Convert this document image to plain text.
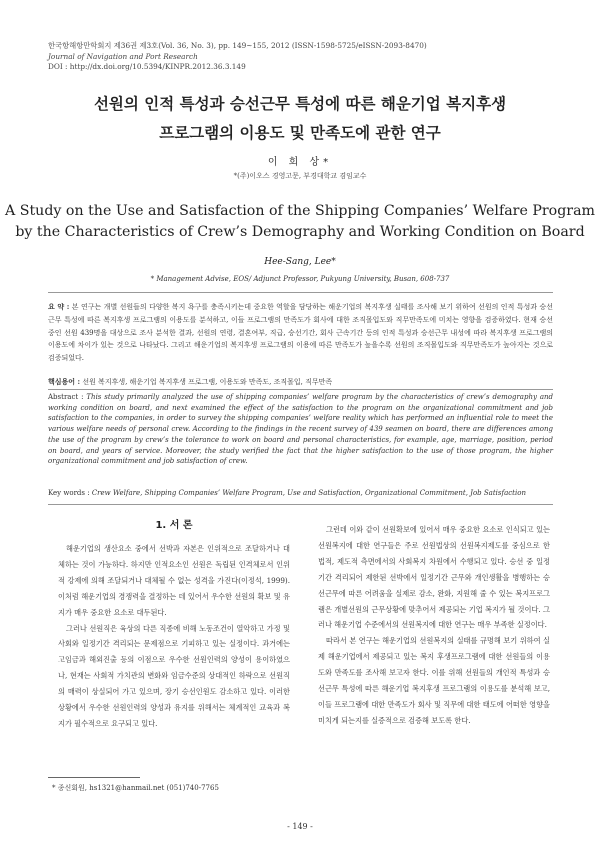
한국항해항만학회지 제36권 제3호(Vol. 36, No. 3), pp. 149~155, 2012 (ISSN-1598-5725/eISSN-2093-8470)
Journal of Navigation and Port Research
DOI : http://dx.doi.org/10.5394/KINPR.2012.36.3.149
선원의 인적 특성과 승선근무 특성에 따른 해운기업 복지후생
프로그램의 이용도 및 만족도에 관한 연구
이 희 상*
*(주)이오스 경영고문, 부경대학교 겸임교수
A Study on the Use and Satisfaction of the Shipping Companies’ Welfare Program
by the Characteristics of Crew’s Demography and Working Condition on Board
Hee-Sang, Lee*
* Management Advise, EOS/ Adjunct Professor, Pukyung University, Busan, 608-737
요 약 : 본 연구는 개별 선원들의 다양한 복지 욕구를 충족시키는데 중요한 역할을 담당하는 해운기업의 복지후생 실태를 조사해 보기 위하여 선원의 인적 특성과 승선근무 특성에 따른 복지후생 프로그램의 이용도를 분석하고, 이들 프로그램의 만족도가 회사에 대한 조직몰입도와 직무만족도에 미치는 영향을 검증하였다. 현재 승선 중인 선원 439명을 대상으로 조사 분석한 결과, 선원의 연령, 결혼여부, 직급, 승선기간, 회사 근속기간 등의 인적 특성과 승선근무 내성에 따라 복지후생 프로그램의 이용도에 차이가 있는 것으로 나타났다. 그리고 해운기업의 복지후생 프로그램의 이용에 따른 만족도가 높을수록 선원의 조직몰입도와 직무만족도가 높아지는 것으로 검증되었다.
핵심용어 : 선원 복지후생, 해운기업 복지후생 프로그램, 이용도와 만족도, 조직몰입, 직무만족
Abstract : This study primarily analyzed the use of shipping companies’ welfare program by the characteristics of crew’s demography and working condition on board, and next examined the effect of the satisfaction to the program on the organizational commitment and job satisfaction to the companies, in order to survey the shipping companies’ welfare reality which has performed an influential role to meet the various welfare needs of personal crew. According to the findings in the recent survey of 439 seamen on board, there are differences among the use of the program by crew’s the tolerance to work on board and personal characteristics, for example, age, marriage, position, period on board, and years of service. Moreover, the study verified the fact that the higher satisfaction to the use of those program, the higher organizational commitment and job satisfaction of crew.
Key words : Crew Welfare, Shipping Companies’ Welfare Program, Use and Satisfaction, Organizational Commitment, Job Satisfaction
1. 서 론

해운기업의 생산요소 중에서 선박과 자본은 인위적으로 조달하거나 대체하는 것이 가능하다. 하지만 인적요소인 선원은 독립된 인격체로서 인위적 강제에 의해 조달되거나 대체될 수 없는 성격을 가진다(이정석, 1999). 이처럼 해운기업의 경쟁력을 결정하는 데 있어서 우수한 선원의 확보 및 유지가 매우 중요한 요소로 대두된다.

그러나 선원직은 육상의 다른 직종에 비해 노동조건이 열악하고 가정 및 사회와 일정기간 격리되는 문제점으로 기피하고 있는 실정이다. 과거에는 고임금과 해외진출 등의 이점으로 우수한 선원인력의 양성이 용이하였으나, 현재는 사회적 가치관의 변화와 임금수준의 상대적인 하락으로 선원직의 매력이 상실되어 가고 있으며, 장기 승선인원도 감소하고 있다. 이러한 상황에서 우수한 선원인력의 양성과 유지를 위해서는 체계적인 교육과 복지가 필수적으로 요구되고 있다.

그런데 이와 같이 선원확보에 있어서 매우 중요한 요소로 인식되고 있는 선원복지에 대한 연구들은 주로 선원법상의 선원복지제도를 중심으로 한 법적, 제도적 측면에서의 사회복지 차원에서 수행되고 있다. 승선 중 일정기간 격리되어 제한된 선박에서 일정기간 근무와 개인생활을 병행하는 승선근무에 따른 어려움을 실제로 감소, 완화, 지원해 줄 수 있는 복지프로그램은 개별선원의 근무상황에 맞추어서 제공되는 기업 복지가 될 것이다. 그러나 해운기업 수준에서의 선원복지에 대한 연구는 매우 부족한 실정이다.

따라서 본 연구는 해운기업의 선원복지의 실태를 규명해 보기 위하여 실제 해운기업에서 제공되고 있는 복지 후생프로그램에 대한 선원들의 이용도와 만족도를 조사해 보고자 한다. 이를 위해 선원들의 개인적 특성과 승선근무 특성에 따른 해운기업 복지후생 프로그램의 이용도를 분석해 보고, 이들 프로그램에 대한 만족도가 회사 및 직무에 대한 태도에 어떠한 영향을 미치게 되는지를 실증적으로 검증해 보도록 한다.

* 종신회원, hs1321@hanmail.net (051)740-7765
- 149 -
